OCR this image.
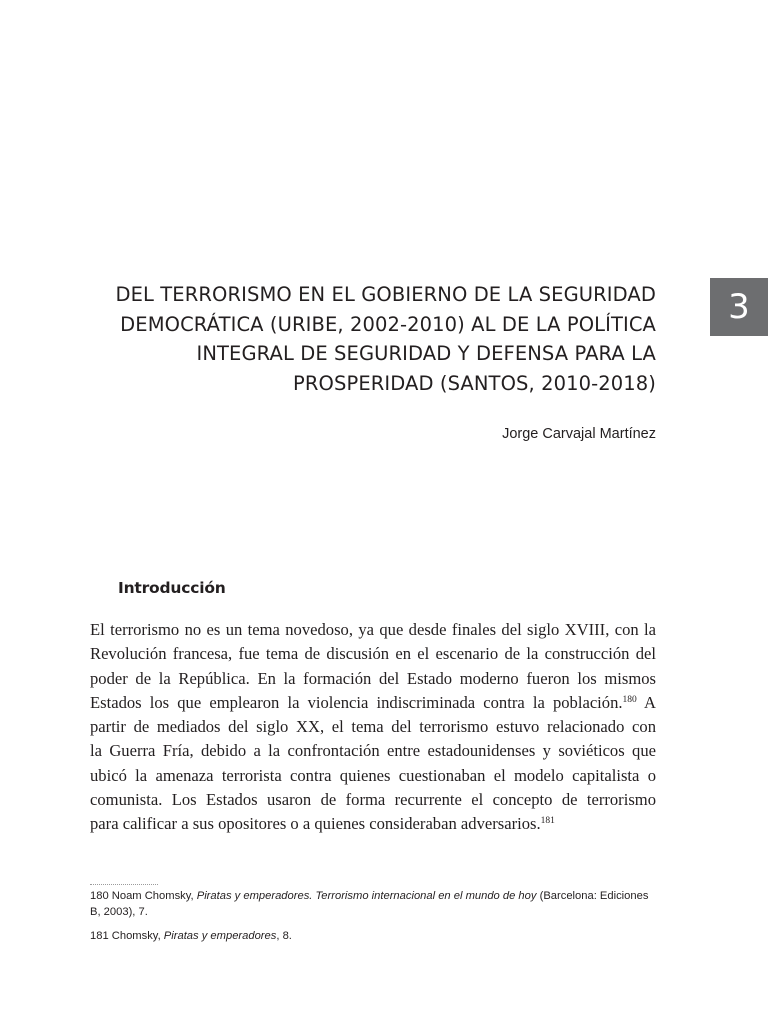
3
DEL TERRORISMO EN EL GOBIERNO DE LA SEGURIDAD
DEMOCRÁTICA (URIBE, 2002-2010) AL DE LA POLÍTICA
INTEGRAL DE SEGURIDAD Y DEFENSA PARA LA
PROSPERIDAD (SANTOS, 2010-2018)
Jorge Carvajal Martínez
Introducción
El terrorismo no es un tema novedoso, ya que desde finales del siglo XVIII, con la
Revolución francesa, fue tema de discusión en el escenario de la construcción del
poder de la República. En la formación del Estado moderno fueron los mismos
Estados los que emplearon la violencia indiscriminada contra la población.$^{180}$ A
partir de mediados del siglo XX, el tema del terrorismo estuvo relacionado con
la Guerra Fría, debido a la confrontación entre estadounidenses y soviéticos que
ubicó la amenaza terrorista contra quienes cuestionaban el modelo capitalista o
comunista. Los Estados usaron de forma recurrente el concepto de terrorismo
para calificar a sus opositores o a quienes consideraban adversarios.$^{181}$
180 Noam Chomsky, Piratas y emperadores. Terrorismo internacional en el mundo de hoy (Barcelona: Ediciones B, 2003), 7.
181 Chomsky, Piratas y emperadores, 8.
